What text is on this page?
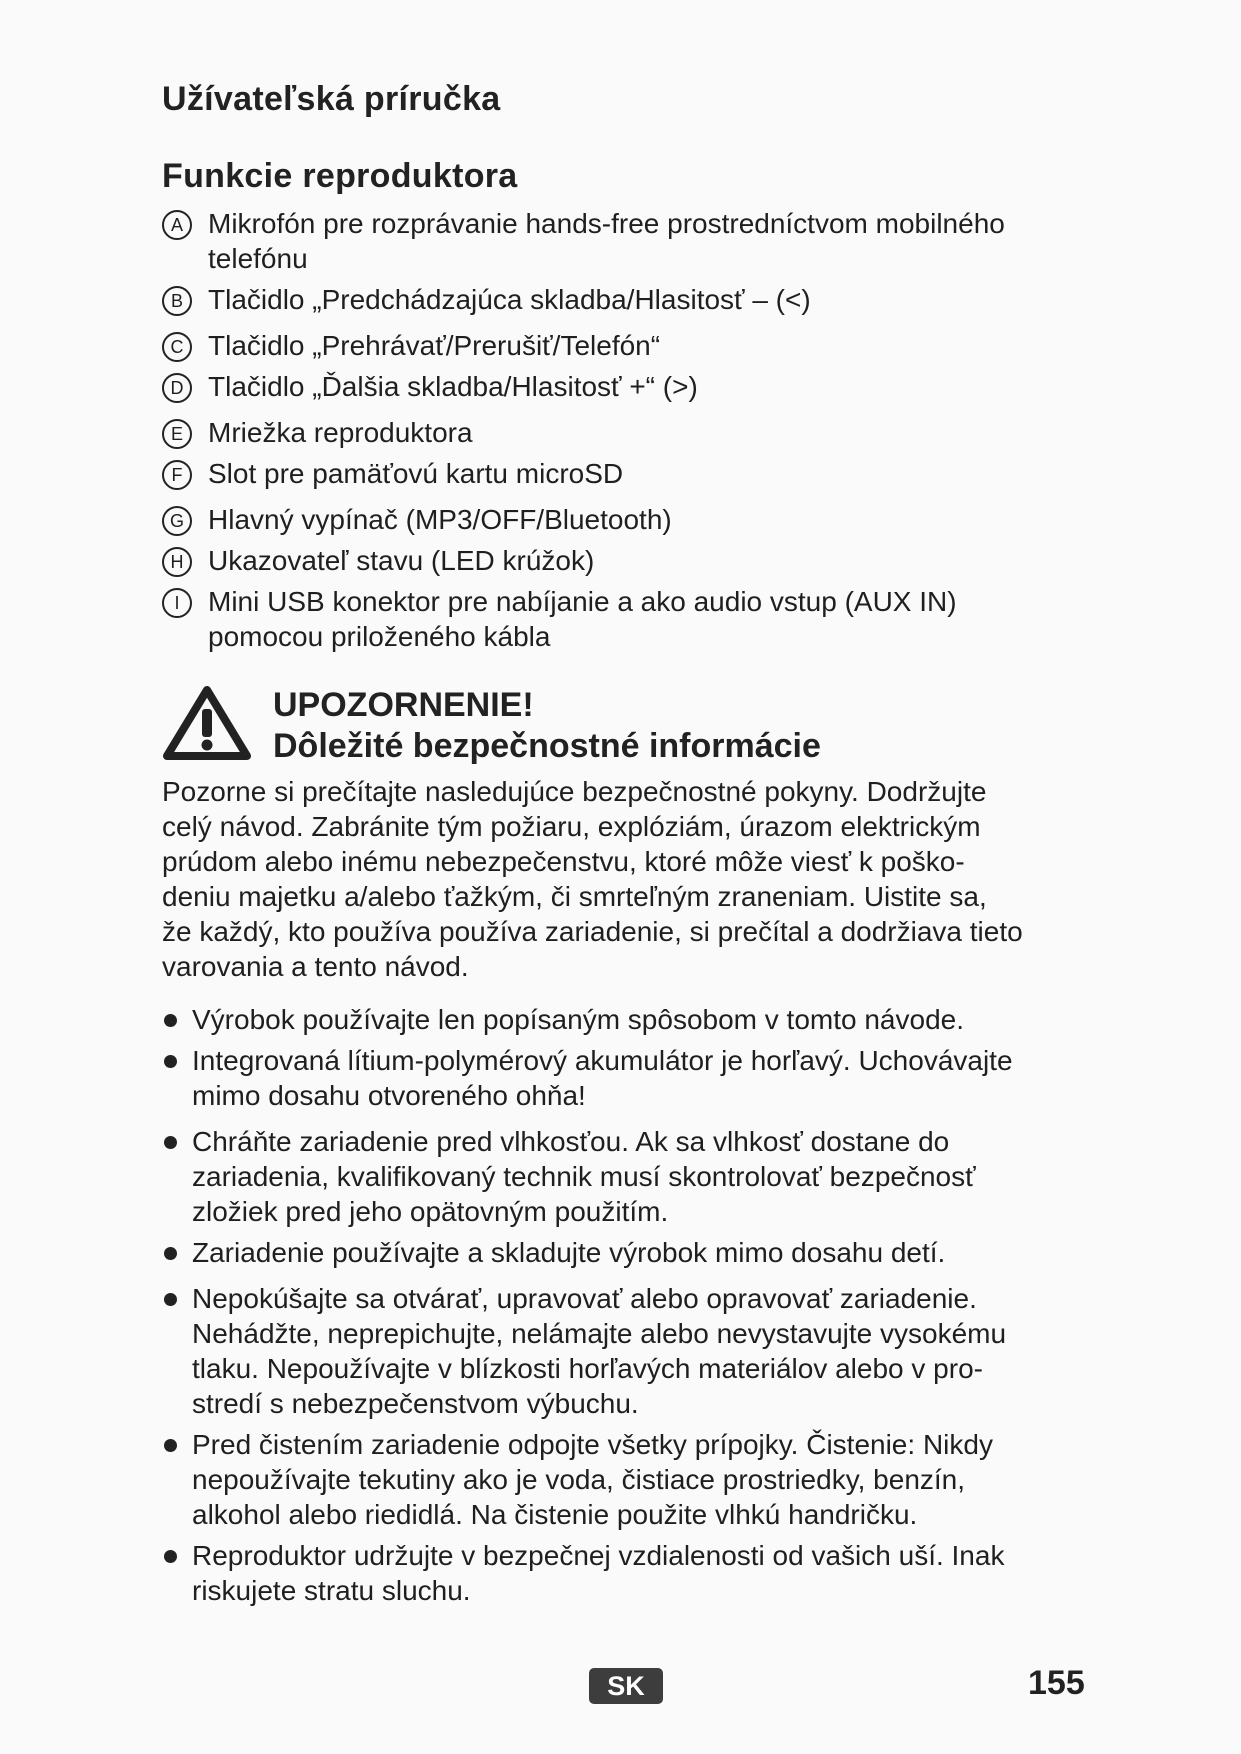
Užívateľská príručka
Funkcie reproduktora
A Mikrofón pre rozprávanie hands-free prostredníctvom mobilného
telefónu
B Tlačidlo „Predchádzajúca skladba/Hlasitosť – (<)
C Tlačidlo „Prehrávať/Prerušiť/Telefón“
D Tlačidlo „Ďalšia skladba/Hlasitosť +“ (>)
E Mriežka reproduktora
F Slot pre pamäťovú kartu microSD
G Hlavný vypínač (MP3/OFF/Bluetooth)
H Ukazovateľ stavu (LED krúžok)
I	Mini USB konektor pre nabíjanie a ako audio vstup (AUX IN)
pomocou priloženého kábla
UPOZORNENIE!
Dôležité bezpečnostné informácie

Pozorne si prečítajte nasledujúce bezpečnostné pokyny. Dodržujte
celý návod. Zabránite tým požiaru, explóziám, úrazom elektrickým
prúdom alebo inému nebezpečenstvu, ktoré môže viesť k poško-
deniu majetku a/alebo ťažkým, či smrteľným zraneniam. Uistite sa,
že každý, kto používa používa zariadenie, si prečítal a dodržiava tieto
varovania a tento návod.

Výrobok používajte len popísaným spôsobom v tomto návode.
Integrovaná lítium-polymérový akumulátor je horľavý. Uchovávajte
mimo dosahu otvoreného ohňa!
Chráňte zariadenie pred vlhkosťou. Ak sa vlhkosť dostane do
zariadenia, kvalifikovaný technik musí skontrolovať bezpečnosť
zložiek pred jeho opätovným použitím.
Zariadenie používajte a skladujte výrobok mimo dosahu detí.
Nepokúšajte sa otvárať, upravovať alebo opravovať zariadenie.
Nehádžte, neprepichujte, nelámajte alebo nevystavujte vysokému
tlaku. Nepoužívajte v blízkosti horľavých materiálov alebo v pro-
stredí s nebezpečenstvom výbuchu.
Pred čistením zariadenie odpojte všetky prípojky. Čistenie: Nikdy
nepoužívajte tekutiny ako je voda, čistiace prostriedky, benzín,
alkohol alebo riedidlá. Na čistenie použite vlhkú handričku.
Reproduktor udržujte v bezpečnej vzdialenosti od vašich uší. Inak
riskujete stratu sluchu.
SK	155
